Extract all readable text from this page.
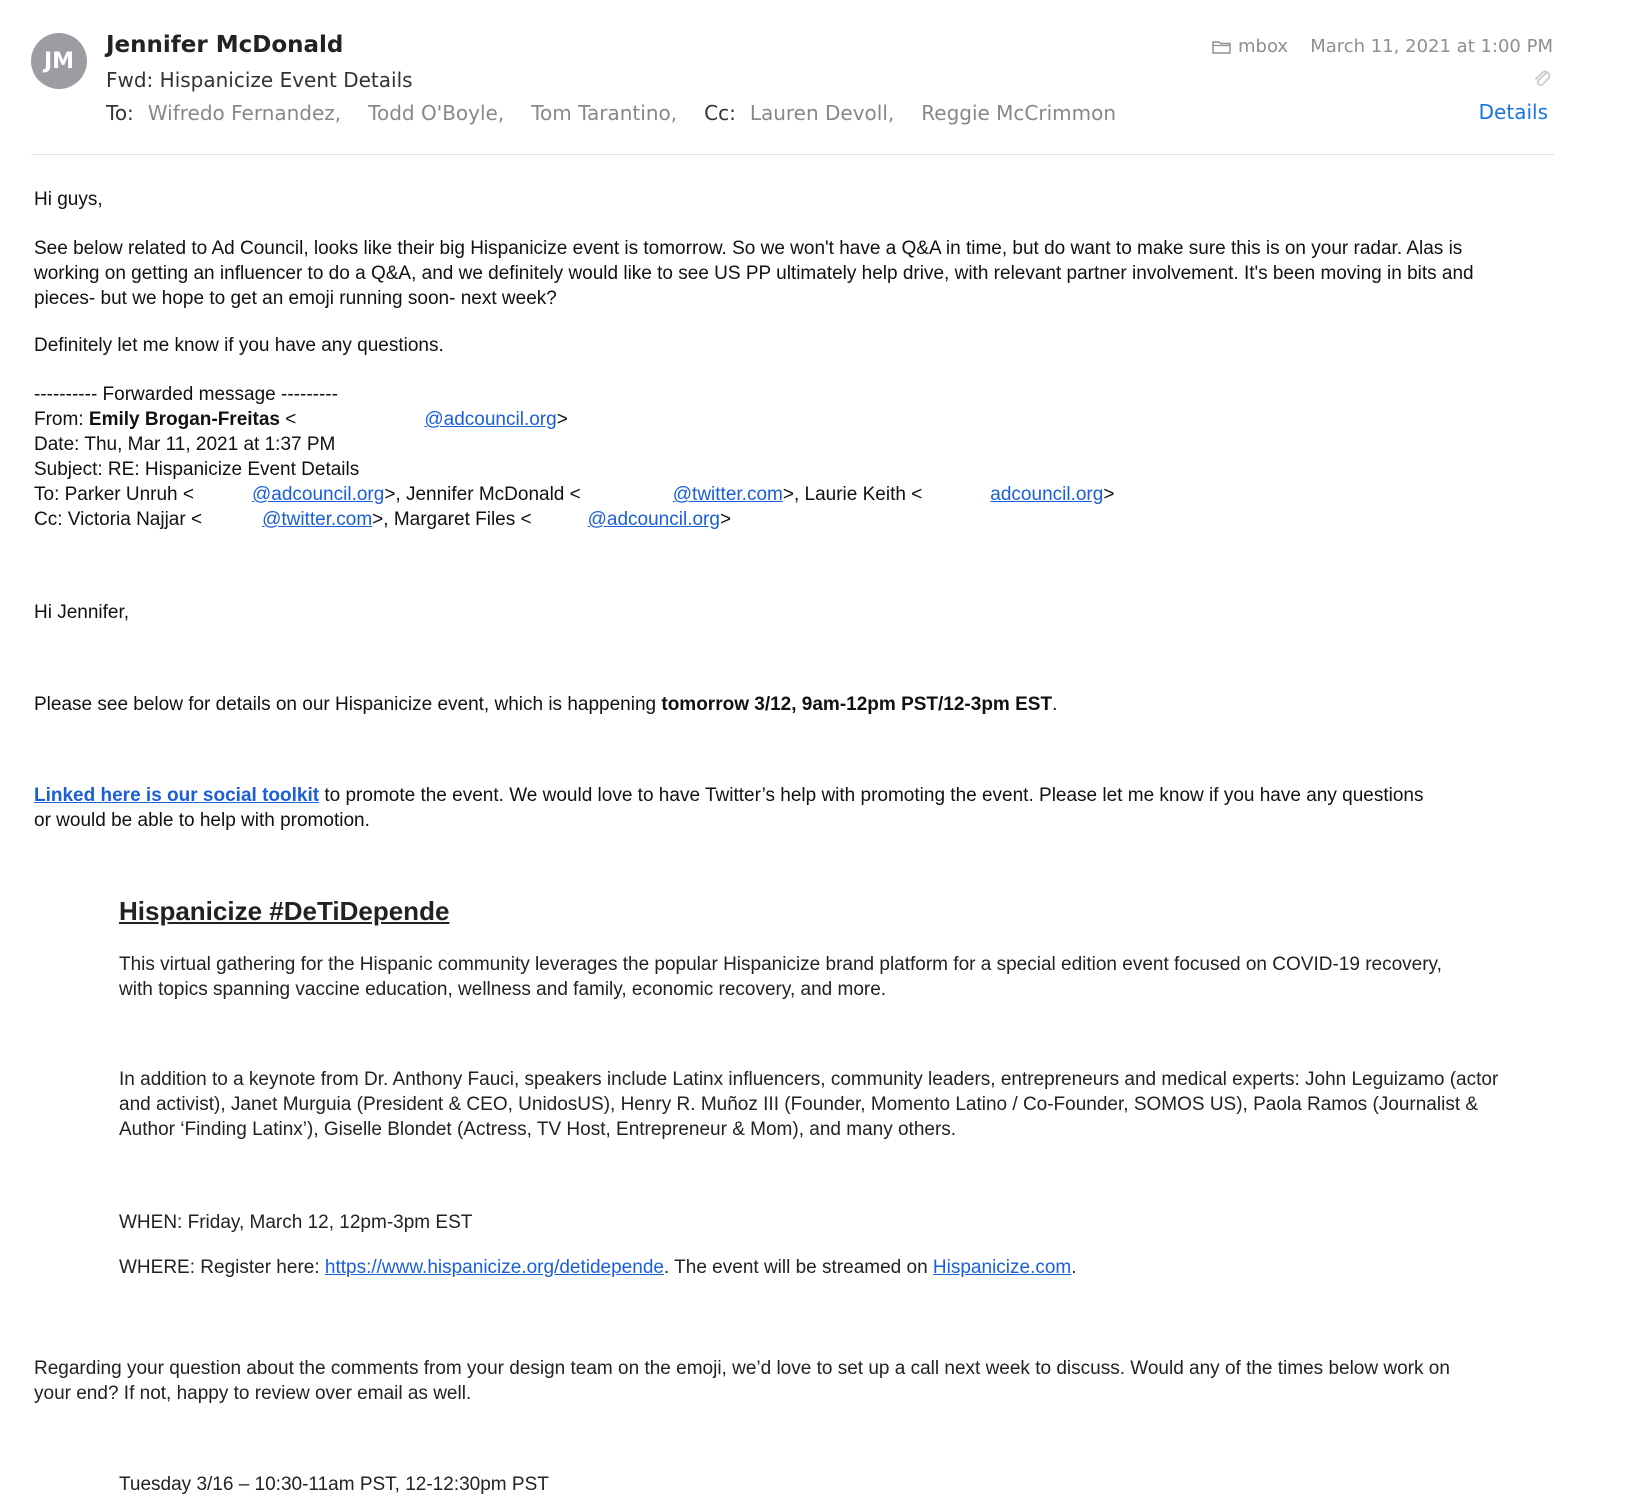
JM
Jennifer McDonald
Fwd: Hispanicize Event Details
To: Wifredo Fernandez, Todd O'Boyle, Tom Tarantino, Cc: Lauren Devoll, Reggie McCrimmon
mbox March 11, 2021 at 1:00 PM
Details

Hi guys,

See below related to Ad Council, looks like their big Hispanicize event is tomorrow. So we won't have a Q&A in time, but do want to make sure this is on your radar. Alas is working on getting an influencer to do a Q&A, and we definitely would like to see US PP ultimately help drive, with relevant partner involvement. It's been moving in bits and pieces- but we hope to get an emoji running soon- next week?

Definitely let me know if you have any questions.

---------- Forwarded message ---------

From: Emily Brogan-Freitas <	@adcouncil.org>

Date: Thu, Mar 11, 2021 at 1:37 PM

Subject: RE: Hispanicize Event Details

To: Parker Unruh <	@adcouncil.org>, Jennifer McDonald <	@twitter.com>, Laurie Keith <	adcouncil.org>

Cc: Victoria Najjar <	@twitter.com>, Margaret Files <	@adcouncil.org>

Hi Jennifer,

Please see below for details on our Hispanicize event, which is happening tomorrow 3/12, 9am-12pm PST/12-3pm EST.

Linked here is our social toolkit to promote the event. We would love to have Twitter’s help with promoting the event. Please let me know if you have any questions or would be able to help with promotion.

Hispanicize #DeTiDepende

This virtual gathering for the Hispanic community leverages the popular Hispanicize brand platform for a special edition event focused on COVID-19 recovery, with topics spanning vaccine education, wellness and family, economic recovery, and more.

In addition to a keynote from Dr. Anthony Fauci, speakers include Latinx influencers, community leaders, entrepreneurs and medical experts: John Leguizamo (actor and activist), Janet Murguia (President & CEO, UnidosUS), Henry R. Muñoz III (Founder, Momento Latino / Co-Founder, SOMOS US), Paola Ramos (Journalist & Author ‘Finding Latinx’), Giselle Blondet (Actress, TV Host, Entrepreneur & Mom), and many others.

WHEN: Friday, March 12, 12pm-3pm EST

WHERE: Register here: https://www.hispanicize.org/detidepende. The event will be streamed on Hispanicize.com.

Regarding your question about the comments from your design team on the emoji, we’d love to set up a call next week to discuss. Would any of the times below work on your end? If not, happy to review over email as well.

Tuesday 3/16 – 10:30-11am PST, 12-12:30pm PST
